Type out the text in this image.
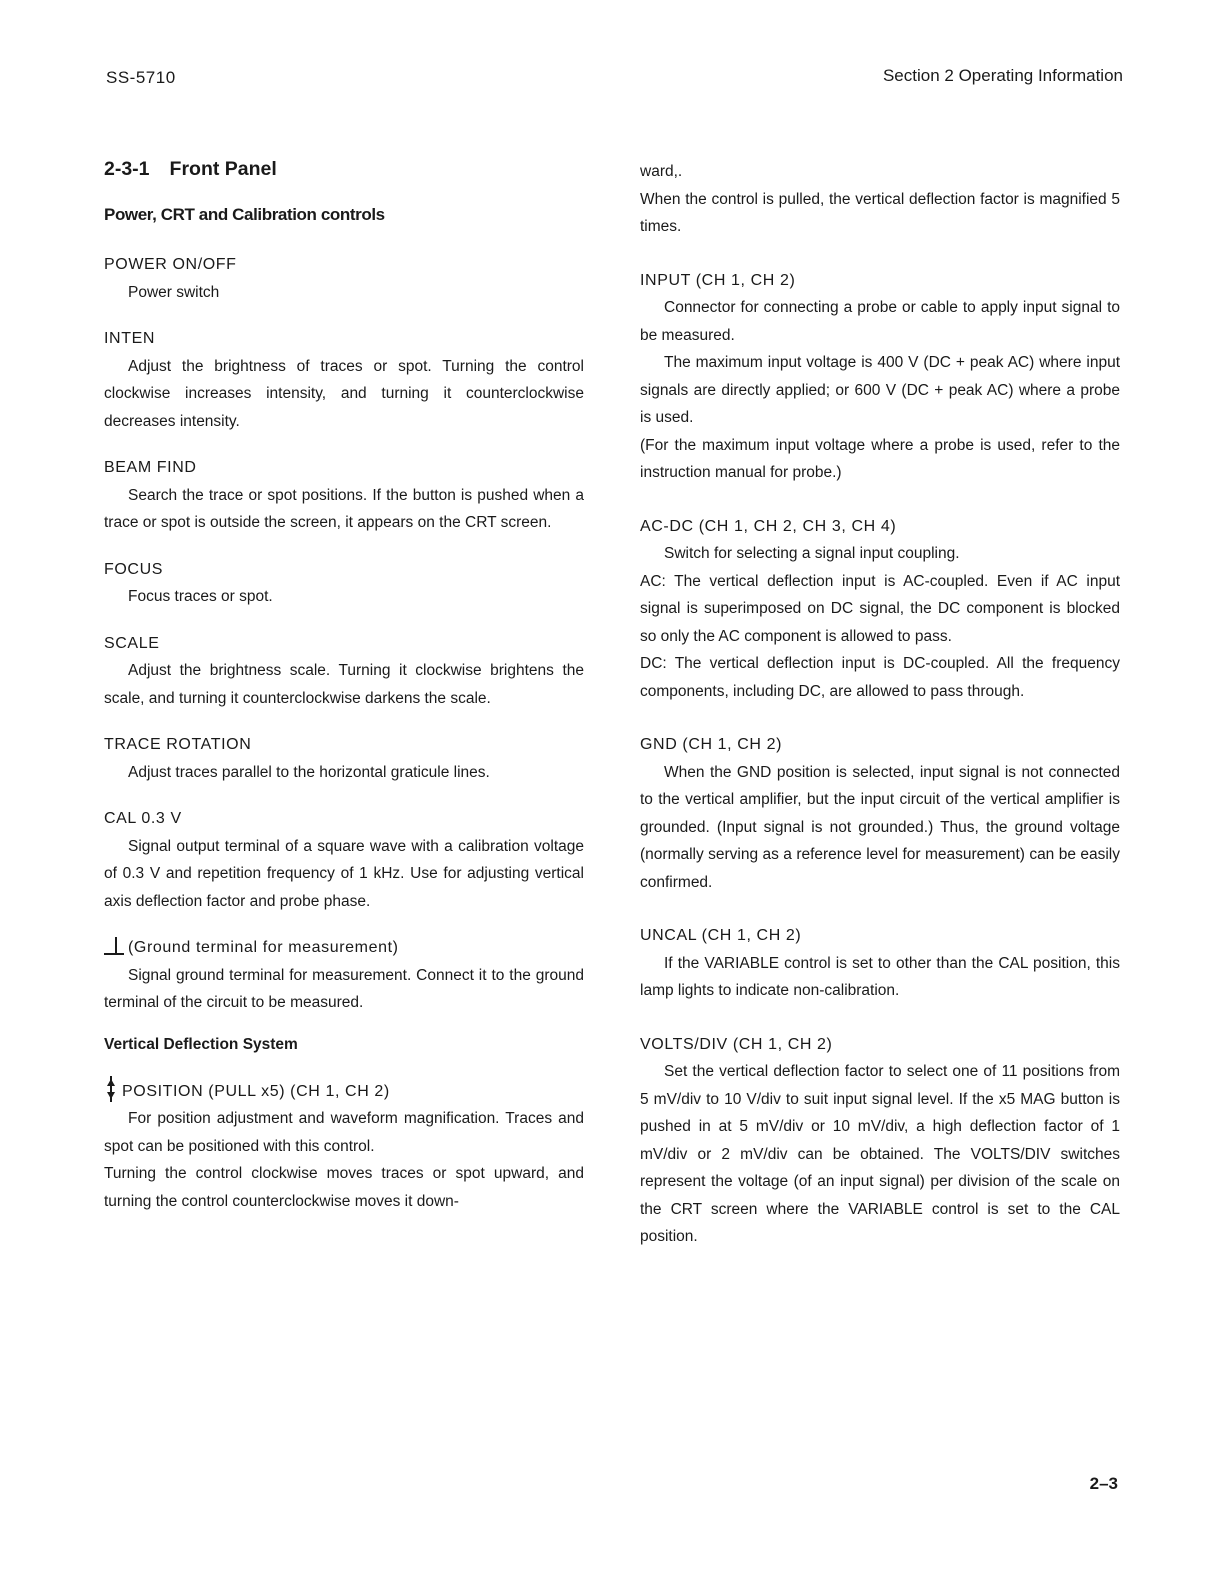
SS-5710	Section 2 Operating Information
2-3-1 Front Panel
Power, CRT and Calibration controls

POWER ON/OFF

Power switch

INTEN

Adjust the brightness of traces or spot. Turning the control clockwise increases intensity, and turning it counterclockwise decreases intensity.

BEAM FIND

Search the trace or spot positions. If the button is pushed when a trace or spot is outside the screen, it appears on the CRT screen.

FOCUS

Focus traces or spot.

SCALE

Adjust the brightness scale. Turning it clockwise brightens the scale, and turning it counterclockwise darkens the scale.

TRACE ROTATION

Adjust traces parallel to the horizontal graticule lines.

CAL 0.3 V

Signal output terminal of a square wave with a calibration voltage of 0.3 V and repetition frequency of 1 kHz. Use for adjusting vertical axis deflection factor and probe phase.

(Ground terminal for measurement)

Signal ground terminal for measurement. Connect it to the ground terminal of the circuit to be measured.

Vertical Deflection System

POSITION (PULL x5) (CH 1, CH 2)

For position adjustment and waveform magnification. Traces and spot can be positioned with this control.

Turning the control clockwise moves traces or spot upward, and turning the control counterclockwise moves it down-

ward,.

When the control is pulled, the vertical deflection factor is magnified 5 times.

INPUT (CH 1, CH 2)

Connector for connecting a probe or cable to apply input signal to be measured.

The maximum input voltage is 400 V (DC + peak AC) where input signals are directly applied; or 600 V (DC + peak AC) where a probe is used.

(For the maximum input voltage where a probe is used, refer to the instruction manual for probe.)

AC-DC (CH 1, CH 2, CH 3, CH 4)

Switch for selecting a signal input coupling.

AC: The vertical deflection input is AC-coupled. Even if AC input signal is superimposed on DC signal, the DC component is blocked so only the AC component is allowed to pass.

DC: The vertical deflection input is DC-coupled. All the frequency components, including DC, are allowed to pass through.

GND (CH 1, CH 2)

When the GND position is selected, input signal is not connected to the vertical amplifier, but the input circuit of the vertical amplifier is grounded. (Input signal is not grounded.) Thus, the ground voltage (normally serving as a reference level for measurement) can be easily confirmed.

UNCAL (CH 1, CH 2)

If the VARIABLE control is set to other than the CAL position, this lamp lights to indicate non-calibration.

VOLTS/DIV (CH 1, CH 2)

Set the vertical deflection factor to select one of 11 positions from 5 mV/div to 10 V/div to suit input signal level. If the x5 MAG button is pushed in at 5 mV/div or 10 mV/div, a high deflection factor of 1 mV/div or 2 mV/div can be obtained. The VOLTS/DIV switches represent the voltage (of an input signal) per division of the scale on the CRT screen where the VARIABLE control is set to the CAL position.

2–3
